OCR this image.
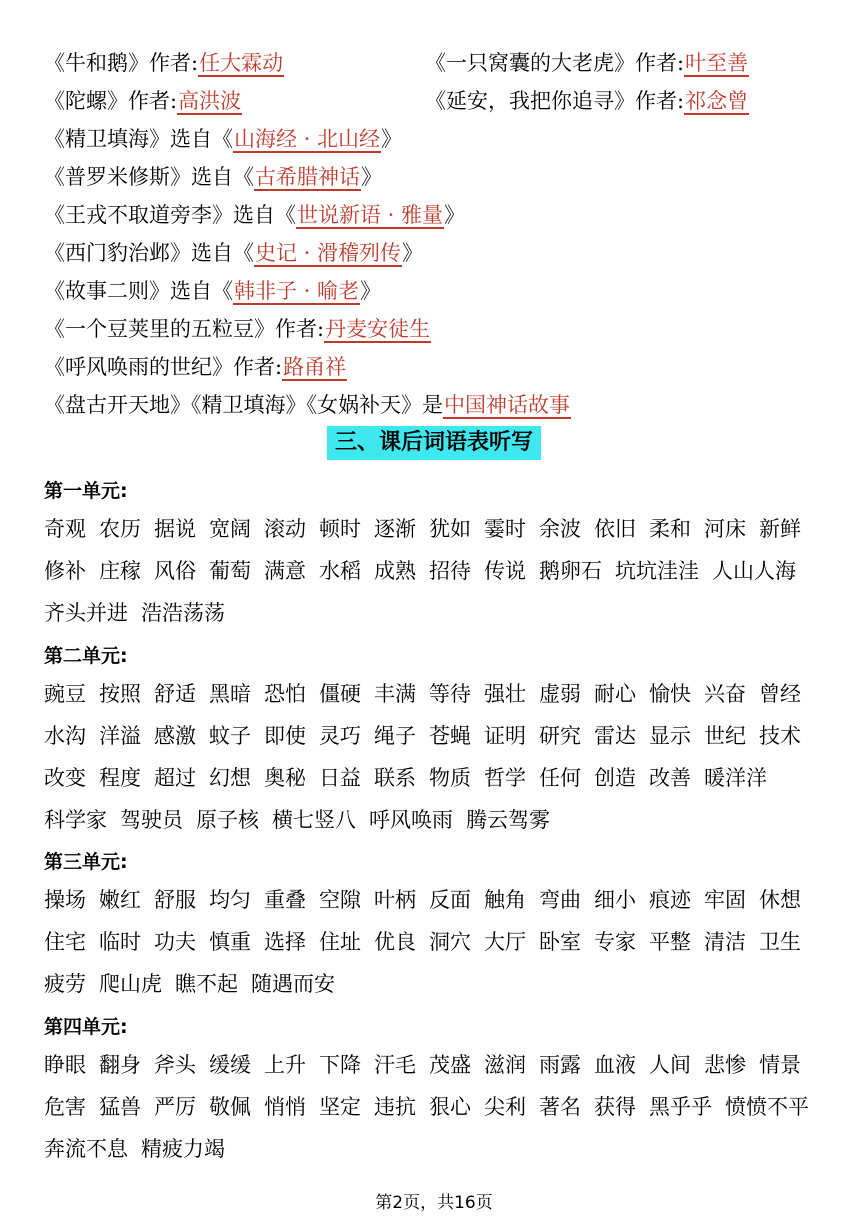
《牛和鹅》作者:任大霖动	《一只窝囊的大老虎》作者:叶至善
《陀螺》作者:高洪波	《延安，我把你追寻》作者:祁念曾
《精卫填海》选自《山海经 · 北山经》
《普罗米修斯》选自《古希腊神话》
《王戎不取道旁李》选自《世说新语 · 雅量》
《西门豹治邺》选自《史记 · 滑稽列传》
《故事二则》选自《韩非子 · 喻老》
《一个豆荚里的五粒豆》作者:丹麦安徒生
《呼风唤雨的世纪》作者:路甬祥
《盘古开天地》《精卫填海》《女娲补天》是中国神话故事
三、课后词语表听写
第一单元:
奇观 农历 据说 宽阔 滚动 顿时 逐渐 犹如 霎时 余波 依旧 柔和 河床 新鲜修补 庄稼 风俗 葡萄 满意 水稻 成熟 招待 传说 鹅卵石 坑坑洼洼 人山人海齐头并进 浩浩荡荡
第二单元:
豌豆 按照 舒适 黑暗 恐怕 僵硬 丰满 等待 强壮 虚弱 耐心 愉快 兴奋 曾经水沟 洋溢 感激 蚊子 即使 灵巧 绳子 苍蝇 证明 研究 雷达 显示 世纪 技术改变 程度 超过 幻想 奥秘 日益 联系 物质 哲学 任何 创造 改善 暖洋洋科学家 驾驶员 原子核 横七竖八 呼风唤雨 腾云驾雾
第三单元:
操场 嫩红 舒服 均匀 重叠 空隙 叶柄 反面 触角 弯曲 细小 痕迹 牢固 休想住宅 临时 功夫 慎重 选择 住址 优良 洞穴 大厅 卧室 专家 平整 清洁 卫生疲劳 爬山虎 瞧不起 随遇而安
第四单元:
睁眼 翻身 斧头 缓缓 上升 下降 汗毛 茂盛 滋润 雨露 血液 人间 悲惨 情景危害 猛兽 严厉 敬佩 悄悄 坚定 违抗 狠心 尖利 著名 获得 黑乎乎 愤愤不平奔流不息 精疲力竭
第2页，共16页
